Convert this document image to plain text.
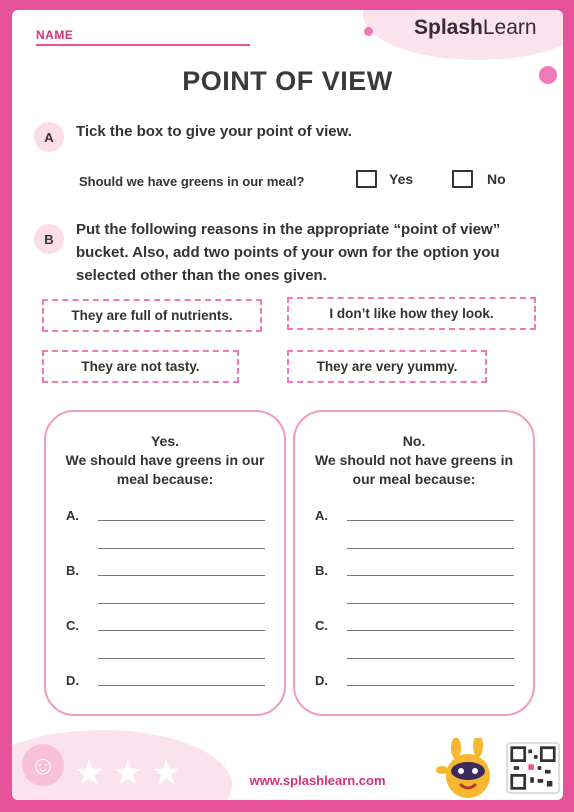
NAME	SplashLearn
POINT OF VIEW
A	Tick the box to give your point of view.
Should we have greens in our meal?	Yes	No
B
Put the following reasons in the appropriate “point of view”
bucket. Also, add two points of your own for the option you
selected other than the ones given.
They are full of nutrients.	I don’t like how they look.
They are not tasty.	They are very yummy.
Yes.
We should have greens in our
meal because:
A.
B.
C.
D.
No.
We should not have greens in
our meal because:
A.
B.
C.
D.
☺ ★ ★ ★	www.splashlearn.com
